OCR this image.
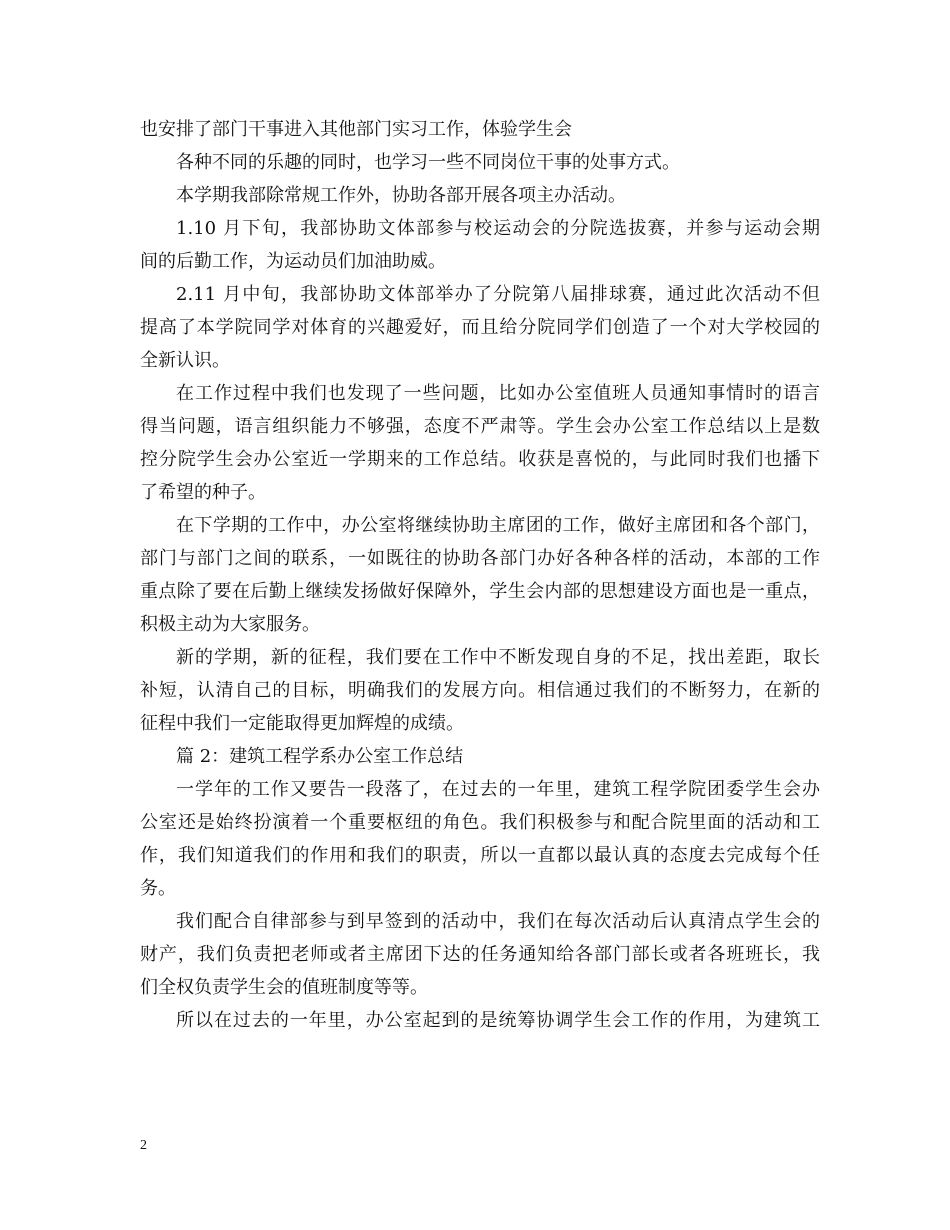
也安排了部门干事进入其他部门实习工作，体验学生会
各种不同的乐趣的同时，也学习一些不同岗位干事的处事方式。
本学期我部除常规工作外，协助各部开展各项主办活动。
1.10 月下旬，我部协助文体部参与校运动会的分院选拔赛，并参与运动会期
间的后勤工作，为运动员们加油助威。
2.11 月中旬，我部协助文体部举办了分院第八届排球赛，通过此次活动不但
提高了本学院同学对体育的兴趣爱好，而且给分院同学们创造了一个对大学校园的
全新认识。
在工作过程中我们也发现了一些问题，比如办公室值班人员通知事情时的语言
得当问题，语言组织能力不够强，态度不严肃等。学生会办公室工作总结以上是数
控分院学生会办公室近一学期来的工作总结。收获是喜悦的，与此同时我们也播下
了希望的种子。
在下学期的工作中，办公室将继续协助主席团的工作，做好主席团和各个部门，
部门与部门之间的联系，一如既往的协助各部门办好各种各样的活动，本部的工作
重点除了要在后勤上继续发扬做好保障外，学生会内部的思想建设方面也是一重点，
积极主动为大家服务。
新的学期，新的征程，我们要在工作中不断发现自身的不足，找出差距，取长
补短，认清自己的目标，明确我们的发展方向。相信通过我们的不断努力，在新的
征程中我们一定能取得更加辉煌的成绩。
篇 2：建筑工程学系办公室工作总结
一学年的工作又要告一段落了，在过去的一年里，建筑工程学院团委学生会办
公室还是始终扮演着一个重要枢纽的角色。我们积极参与和配合院里面的活动和工
作，我们知道我们的作用和我们的职责，所以一直都以最认真的态度去完成每个任
务。
我们配合自律部参与到早签到的活动中，我们在每次活动后认真清点学生会的
财产，我们负责把老师或者主席团下达的任务通知给各部门部长或者各班班长，我
们全权负责学生会的值班制度等等。
所以在过去的一年里，办公室起到的是统筹协调学生会工作的作用，为建筑工
2
